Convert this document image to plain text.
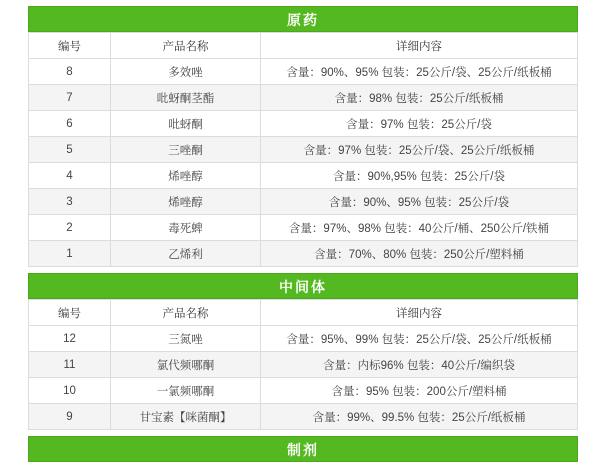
原药
编号	产品名称	详细内容
8	多效唑	含量：90%、95% 包装：25公斤/袋、25公斤/纸板桶
7	吡蚜酮茎酯	含量：98% 包装：25公斤/纸板桶
6	吡蚜酮	含量：97% 包装：25公斤/袋
5	三唑酮	含量：97% 包装：25公斤/袋、25公斤/纸板桶
4	烯唑醇	含量：90%,95% 包装：25公斤/袋
3	烯唑醇	含量：90%、95% 包装：25公斤/袋
2	毒死蜱	含量：97%、98% 包装：40公斤/桶、250公斤/铁桶
1	乙烯利	含量：70%、80% 包装：250公斤/塑料桶
中间体
编号	产品名称	详细内容
12	三氮唑	含量：95%、99% 包装：25公斤/袋、25公斤/纸板桶
11	氯代频哪酮	含量：内标96% 包装：40公斤/编织袋
10	一氯频哪酮	含量：95% 包装：200公斤/塑料桶
9	甘宝素【咪菌酮】	含量：99%、99.5% 包装：25公斤/纸板桶
制剂
